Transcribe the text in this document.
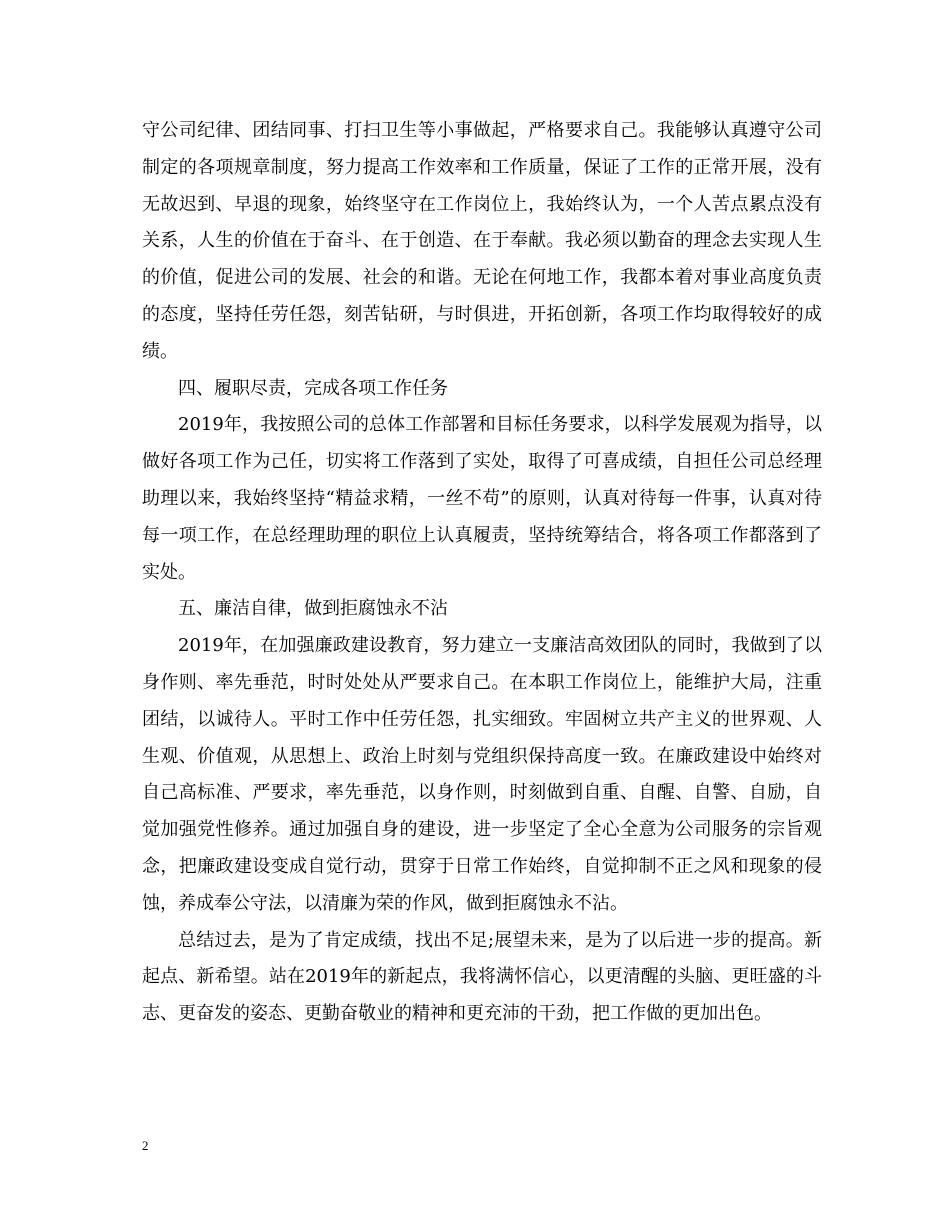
守公司纪律、团结同事、打扫卫生等小事做起，严格要求自己。我能够认真遵守公司制定的各项规章制度，努力提高工作效率和工作质量，保证了工作的正常开展，没有无故迟到、早退的现象，始终坚守在工作岗位上，我始终认为，一个人苦点累点没有关系，人生的价值在于奋斗、在于创造、在于奉献。我必须以勤奋的理念去实现人生的价值，促进公司的发展、社会的和谐。无论在何地工作，我都本着对事业高度负责的态度，坚持任劳任怨，刻苦钻研，与时俱进，开拓创新，各项工作均取得较好的成绩。

四、履职尽责，完成各项工作任务

2019年，我按照公司的总体工作部署和目标任务要求，以科学发展观为指导，以做好各项工作为己任，切实将工作落到了实处，取得了可喜成绩，自担任公司总经理助理以来，我始终坚持“精益求精，一丝不苟”的原则，认真对待每一件事，认真对待每一项工作，在总经理助理的职位上认真履责，坚持统筹结合，将各项工作都落到了实处。

五、廉洁自律，做到拒腐蚀永不沾

2019年，在加强廉政建设教育，努力建立一支廉洁高效团队的同时，我做到了以身作则、率先垂范，时时处处从严要求自己。在本职工作岗位上，能维护大局，注重团结，以诚待人。平时工作中任劳任怨，扎实细致。牢固树立共产主义的世界观、人生观、价值观，从思想上、政治上时刻与党组织保持高度一致。在廉政建设中始终对自己高标准、严要求，率先垂范，以身作则，时刻做到自重、自醒、自警、自励，自觉加强党性修养。通过加强自身的建设，进一步坚定了全心全意为公司服务的宗旨观念，把廉政建设变成自觉行动，贯穿于日常工作始终，自觉抑制不正之风和现象的侵蚀，养成奉公守法，以清廉为荣的作风，做到拒腐蚀永不沾。

总结过去，是为了肯定成绩，找出不足;展望未来，是为了以后进一步的提高。新起点、新希望。站在2019年的新起点，我将满怀信心，以更清醒的头脑、更旺盛的斗志、更奋发的姿态、更勤奋敬业的精神和更充沛的干劲，把工作做的更加出色。

2
